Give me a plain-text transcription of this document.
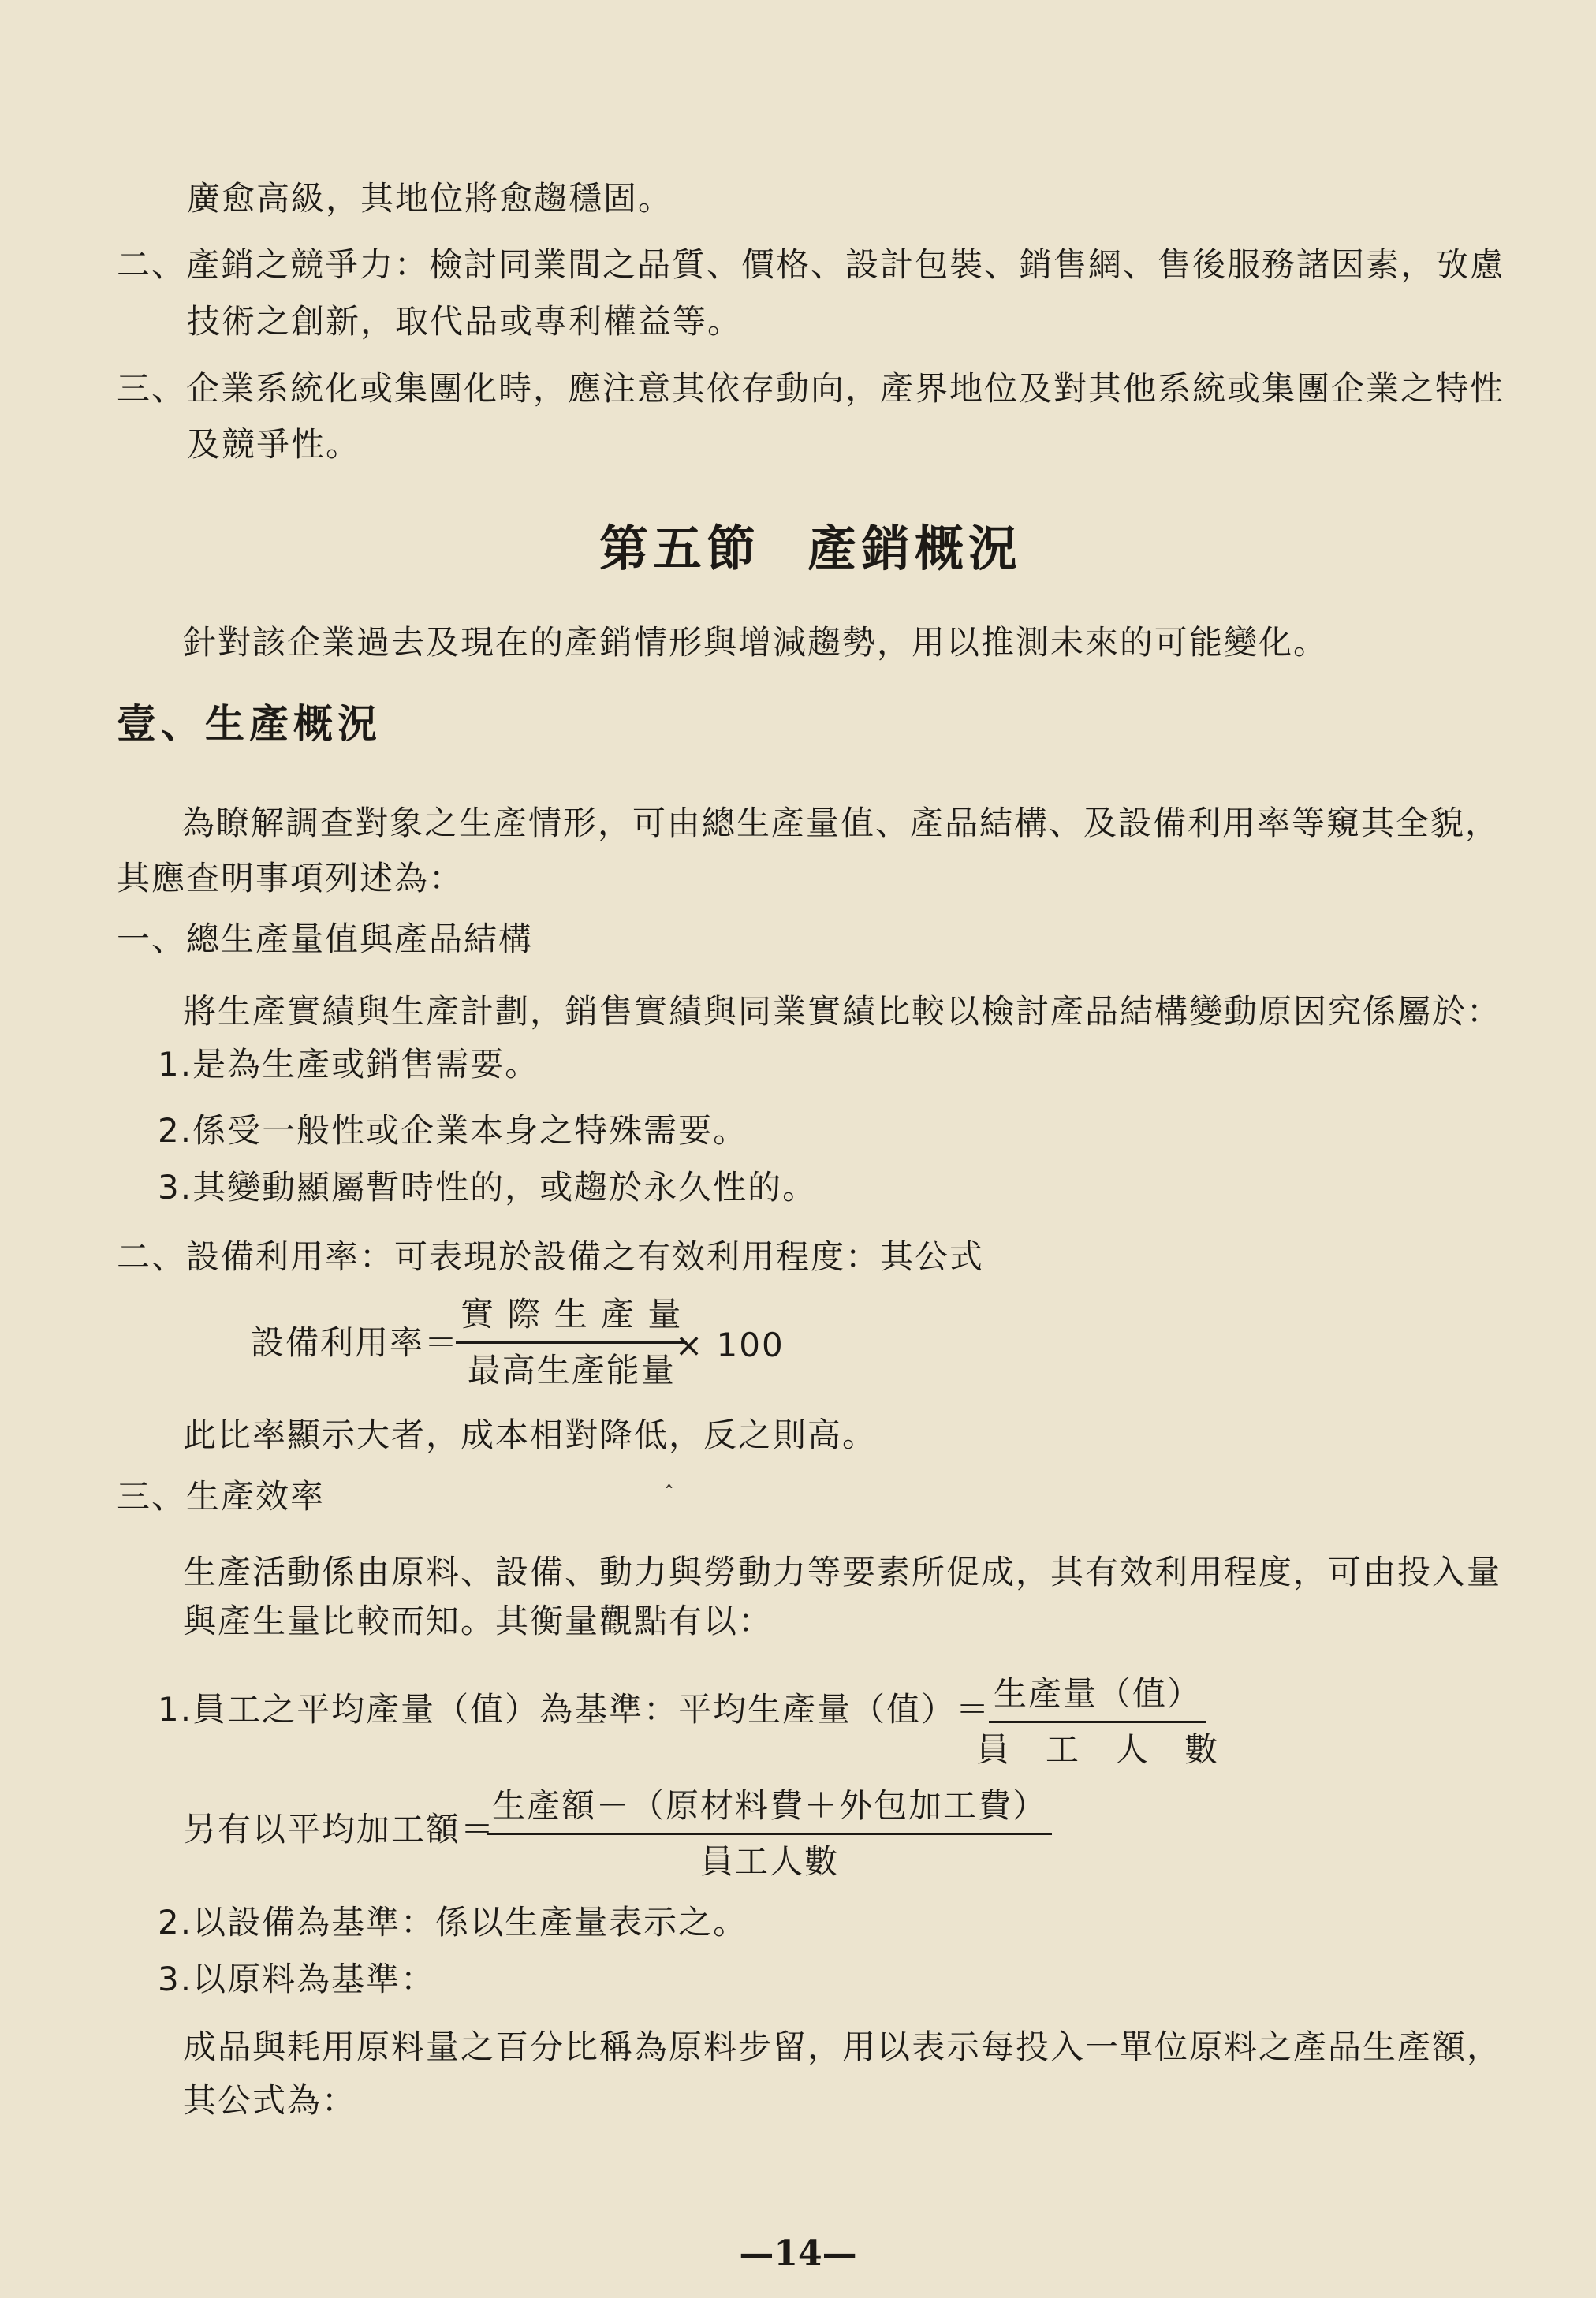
廣愈高級，其地位將愈趨穩固。
二、產銷之競爭力：檢討同業間之品質、價格、設計包裝、銷售網、售後服務諸因素，攷慮
技術之創新，取代品或專利權益等。
三、企業系統化或集團化時，應注意其依存動向，產界地位及對其他系統或集團企業之特性
及競爭性。
第五節 產銷概況
針對該企業過去及現在的產銷情形與增減趨勢，用以推測未來的可能變化。
壹、生產概況
為瞭解調查對象之生產情形，可由總生產量值、產品結構、及設備利用率等窺其全貌，
其應查明事項列述為：
一、總生產量值與產品結構
將生產實績與生產計劃，銷售實績與同業實績比較以檢討產品結構變動原因究係屬於：
1.是為生產或銷售需要。
2.係受一般性或企業本身之特殊需要。
3.其變動顯屬暫時性的，或趨於永久性的。
二、設備利用率：可表現於設備之有效利用程度：其公式
設備利用率＝
實 際 生 產 量
最高生產能量
× 100
此比率顯示大者，成本相對降低，反之則高。
三、生產效率	ˆ
生產活動係由原料、設備、動力與勞動力等要素所促成，其有效利用程度，可由投入量
與產生量比較而知。其衡量觀點有以：
1.員工之平均產量（值）為基準：平均生產量（值）＝ 生產量（值）
員　工　人　數
另有以平均加工額＝
生產額－（原材料費＋外包加工費）
員工人數
2.以設備為基準：係以生產量表示之。
3.以原料為基準：
成品與耗用原料量之百分比稱為原料步留，用以表示每投入一單位原料之產品生產額，
其公式為：
—14—
